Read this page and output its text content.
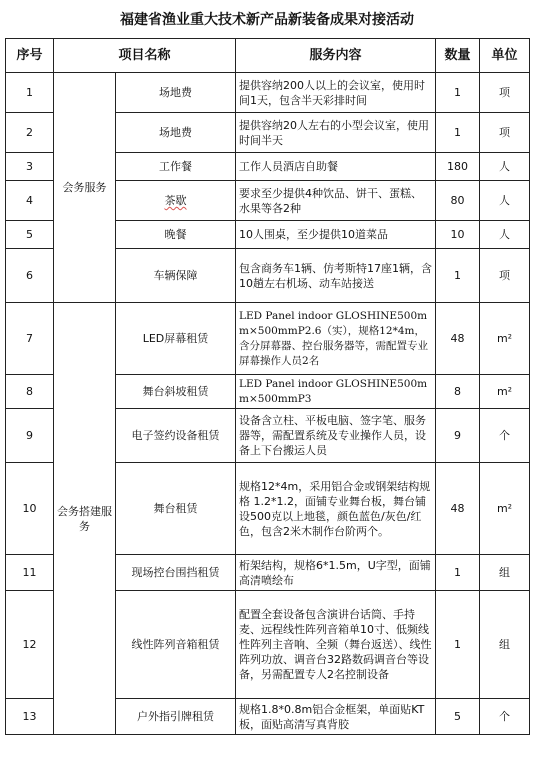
福建省渔业重大技术新产品新装备成果对接活动
序号	项目名称		服务内容	数量	单位
1	会务服务	场地费	提供容纳200人以上的会议室，使用时间1天，包含半天彩排时间	1	项
2		场地费	提供容纳20人左右的小型会议室，使用时间半天	1	项
3		工作餐	工作人员酒店自助餐	180	人
4		茶歇	要求至少提供4种饮品、饼干、蛋糕、水果等各2种	80	人
5		晚餐	10人围桌，至少提供10道菜品	10	人
6		车辆保障	包含商务车1辆、仿考斯特17座1辆，含10趟左右机场、动车站接送	1	项
7	会务搭建服务	LED屏幕租赁	LED Panel indoor GLOSHINE500mm×500mmP2.6（实），规格12*4m，含分屏幕器、控台服务器等，需配置专业屏幕操作人员2名	48	m²
8		舞台斜坡租赁	LED Panel indoor GLOSHINE500mm×500mmP3	8	m²
9		电子签约设备租赁	设备含立柱、平板电脑、签字笔、服务器等，需配置系统及专业操作人员，设备上下台搬运人员	9	个
10		舞台租赁	规格12*4m，采用铝合金或钢架结构规格 1.2*1.2，面铺专业舞台板，舞台铺设500克以上地毯，颜色蓝色/灰色/红色，包含2米木制作台阶两个。	48	m²
11		现场控台围挡租赁	桁架结构，规格6*1.5m，U字型，面铺高清喷绘布	1	组
12		线性阵列音箱租赁	配置全套设备包含演讲台话筒、手持麦、远程线性阵列音箱单10寸、低频线性阵列主音响、全频（舞台返送）、线性阵列功放、调音台32路数码调音台等设备，另需配置专人2名控制设备	1	组
13		户外指引牌租赁	规格1.8*0.8m铝合金框架，单面贴KT板，面贴高清写真背胶	5	个
